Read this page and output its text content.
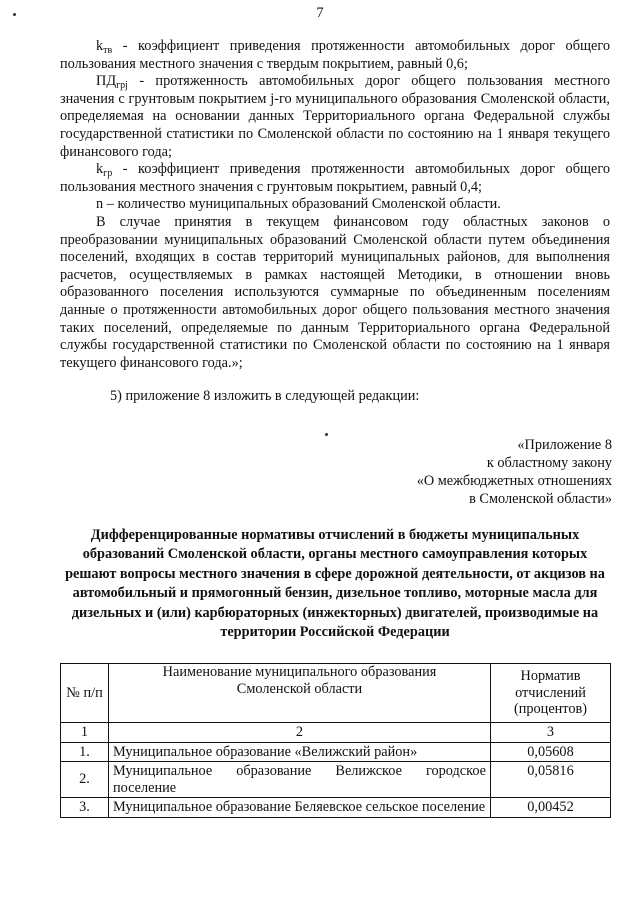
7

$k_{тв}$ - коэффициент приведения протяженности автомобильных дорог общего пользования местного значения с твердым покрытием, равный 0,6;

$ПД_{грj}$ - протяженность автомобильных дорог общего пользования местного значения с грунтовым покрытием j-го муниципального образования Смоленской области, определяемая на основании данных Территориального органа Федеральной службы государственной статистики по Смоленской области по состоянию на 1 января текущего финансового года;

$k_{гр}$ - коэффициент приведения протяженности автомобильных дорог общего пользования местного значения с грунтовым покрытием, равный 0,4;

n – количество муниципальных образований Смоленской области.

В случае принятия в текущем финансовом году областных законов о преобразовании муниципальных образований Смоленской области путем объединения поселений, входящих в состав территорий муниципальных районов, для выполнения расчетов, осуществляемых в рамках настоящей Методики, в отношении вновь образованного поселения используются суммарные по объединенным поселениям данные о протяженности автомобильных дорог общего пользования местного значения таких поселений, определяемые по данным Территориального органа Федеральной службы государственной статистики по Смоленской области по состоянию на 1 января текущего финансового года.»;

5) приложение 8 изложить в следующей редакции:

«Приложение 8
к областному закону
«О межбюджетных отношениях
в Смоленской области»

Дифференцированные нормативы отчислений в бюджеты муниципальных образований Смоленской области, органы местного самоуправления которых решают вопросы местного значения в сфере дорожной деятельности, от акцизов на автомобильный и прямогонный бензин, дизельное топливо, моторные масла для дизельных и (или) карбюраторных (инжекторных) двигателей, производимые на территории Российской Федерации

№ п/п	Наименование муниципального образования Смоленской области	Норматив отчислений (процентов)
1	2	3
1.	Муниципальное образование «Велижский район»	0,05608
2.	Муниципальное образование Велижское городское поселение	0,05816
3.	Муниципальное образование Беляевское сельское поселение	0,00452
